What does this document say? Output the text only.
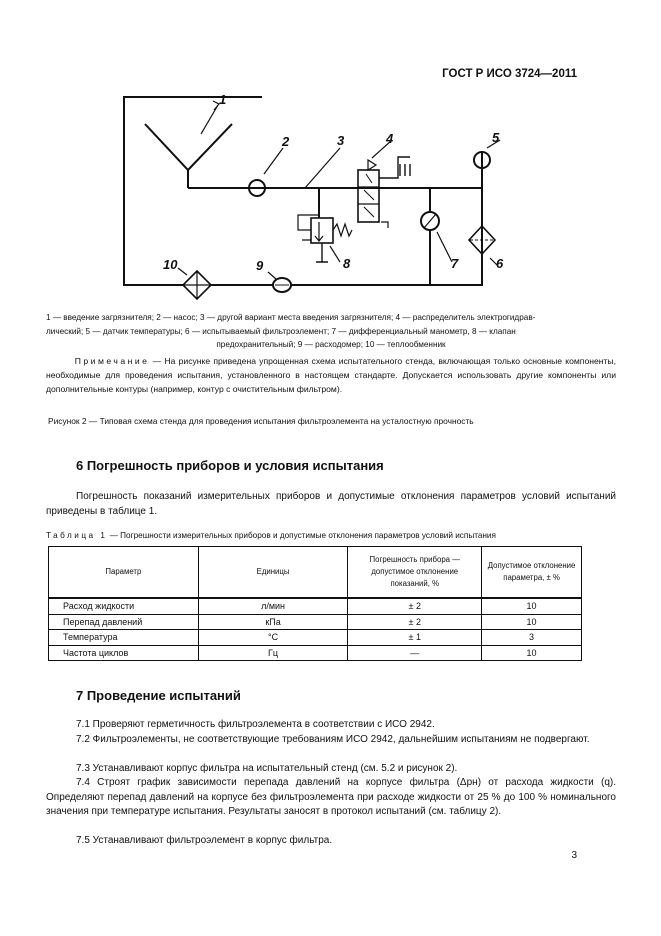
ГОСТ Р ИСО 3724—2011
1
2	3	4	5
6
7
8
9
10
1 — введение загрязнителя; 2 — насос; 3 — другой вариант места введения загрязнителя; 4 — распределитель электрогидрав-
лический; 5 — датчик температуры; 6 — испытываемый фильтроэлемент; 7 — дифференциальный манометр, 8 — клапан

предохранительный; 9 — расходомер; 10 — теплообменник
Примечание — На рисунке приведена упрощенная схема испытательного стенда, включающая только основные компоненты, необходимые для проведения испытания, установленного в настоящем стандарте. Допускается использовать другие компоненты или дополнительные контуры (например, контур с очистительным фильтром).
Рисунок 2 — Типовая схема стенда для проведения испытания фильтроэлемента на усталостную прочность
6 Погрешность приборов и условия испытания
Погрешность показаний измерительных приборов и допустимые отклонения параметров условий испытаний приведены в таблице 1.
Таблица 1 — Погрешности измерительных приборов и допустимые отклонения параметров условий испытания
Параметр	Единицы	Погрешность прибора — допустимое отклонение показаний, %	Допустимое отклонение параметра, ± %
Расход жидкости	л/мин	± 2	10
Перепад давлений	кПа	± 2	10
Температура	°С	± 1	3
Частота циклов	Гц	—	10
7 Проведение испытаний
7.1 Проверяют герметичность фильтроэлемента в соответствии с ИСО 2942.
7.2 Фильтроэлементы, не соответствующие требованиям ИСО 2942, дальнейшим испытаниям не подвергают.
7.3 Устанавливают корпус фильтра на испытательный стенд (см. 5.2 и рисунок 2).
7.4 Строят график зависимости перепада давлений на корпусе фильтра (Δpн) от расхода жидкости (q). Определяют перепад давлений на корпусе без фильтроэлемента при расходе жидкости от 25 % до 100 % номинального значения при температуре испытания. Результаты заносят в протокол испытаний (см. таблицу 2).
7.5 Устанавливают фильтроэлемент в корпус фильтра.
3
